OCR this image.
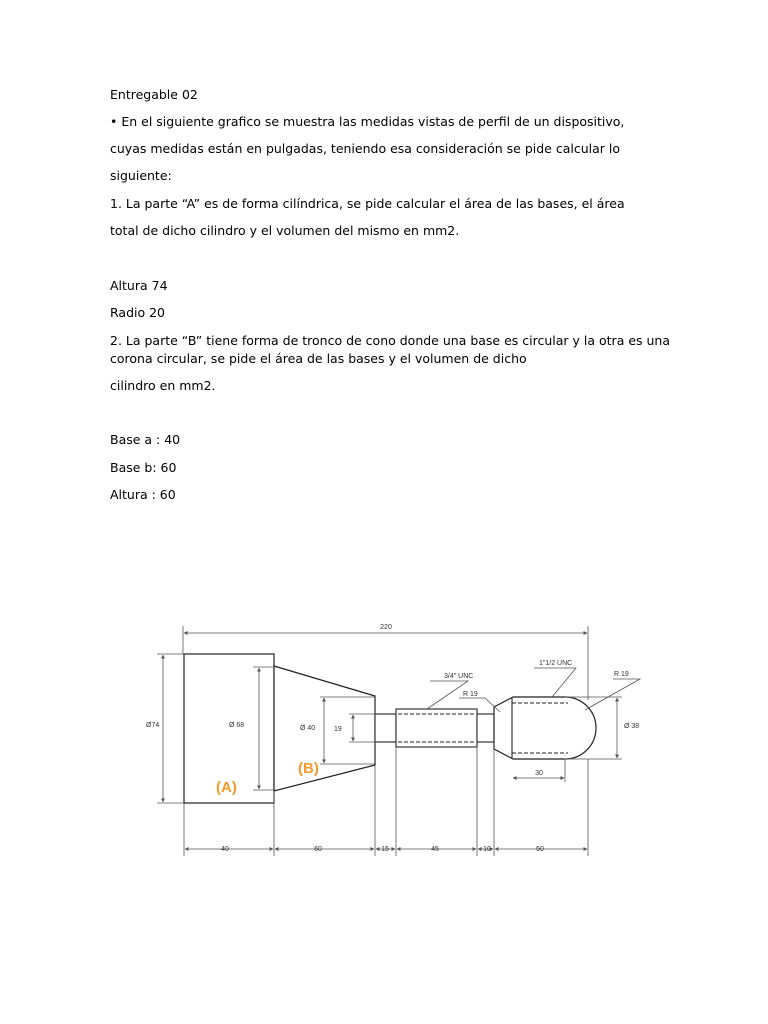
Entregable 02
• En el siguiente grafico se muestra las medidas vistas de perfil de un dispositivo,
cuyas medidas están en pulgadas, teniendo esa consideración se pide calcular lo
siguiente:
1. La parte “A” es de forma cilíndrica, se pide calcular el área de las bases, el área
total de dicho cilindro y el volumen del mismo en mm2.
Altura 74
Radio 20
2. La parte “B” tiene forma de tronco de cono donde una base es circular y la otra es una
corona circular, se pide el área de las bases y el volumen de dicho
cilindro en mm2.
Base a : 40
Base b: 60
Altura : 60
220
Ø74	Ø 68	Ø 40	19	Ø 38
30
3/4" UNC
R 19
1"1/2 UNC
R 19
(A)
(B)
40	60	15	45	10	50
